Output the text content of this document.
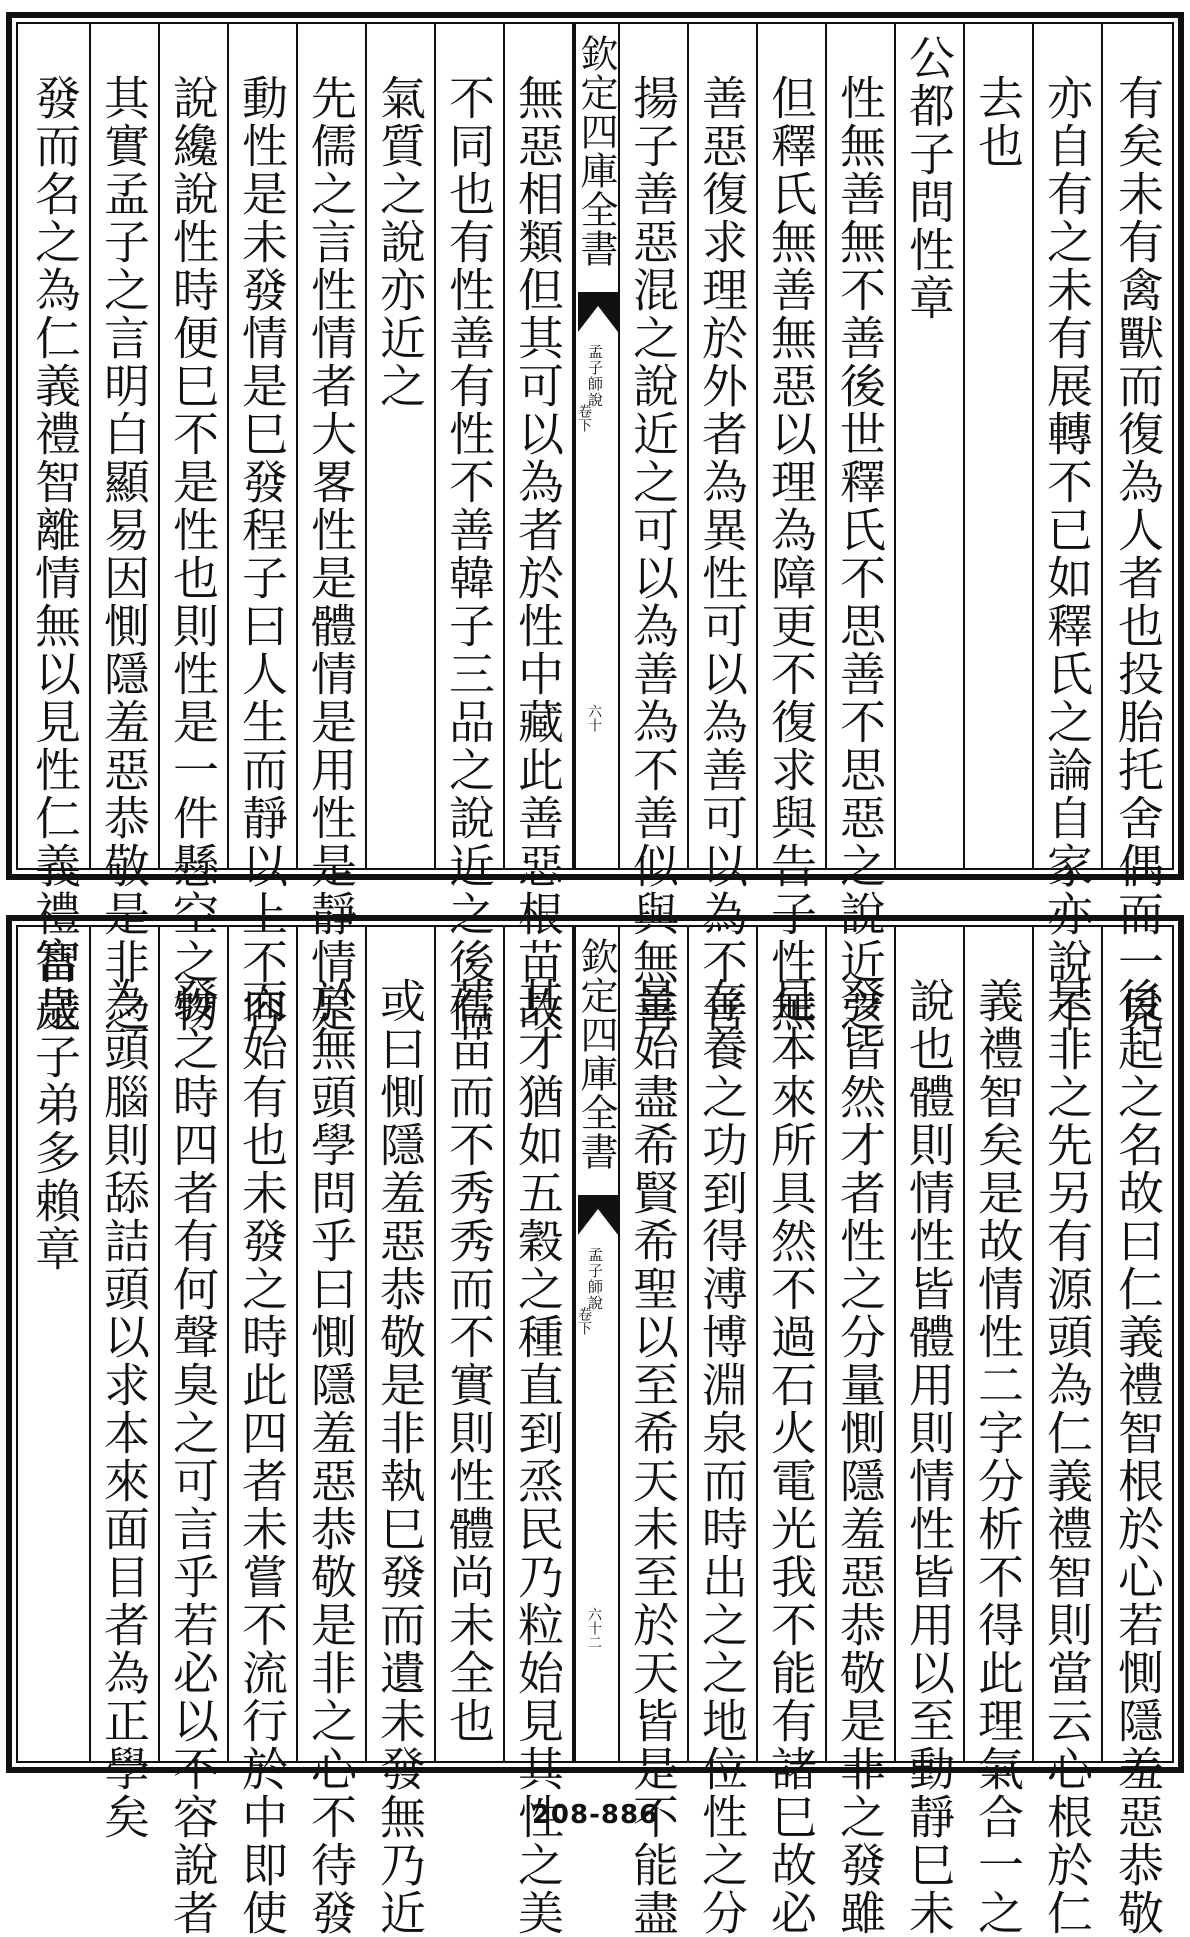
有矣未有禽獸而復為人者也投胎托舍偶而一見
亦自有之未有展轉不已如釋氏之論自家亦說不
去也
公都子問性章
性無善無不善後世釋氏不思善不思惡之說近之
但釋氏無善無惡以理為障更不復求與告子性無
善惡復求理於外者為異性可以為善可以為不善
揚子善惡混之說近之可以為善為不善似與無善
欽定四庫全書
孟子師說
卷下
六十
無惡相類但其可以為者於性中藏此善惡根苗故
不同也有性善有性不善韓子三品之說近之後儒
氣質之說亦近之
先儒之言性情者大畧性是體情是用性是靜情是
動性是未發情是巳發程子曰人生而靜以上不容
說纔說性時便巳不是性也則性是一件懸空之物
其實孟子之言明白顯易因惻隱羞惡恭敬是非之
發而名之為仁義禮智離情無以見性仁義禮智是
後起之名故曰仁義禮智根於心若惻隱羞惡恭敬
是非之先另有源頭為仁義禮智則當云心根於仁
義禮智矣是故情性二字分析不得此理氣合一之
說也體則情性皆體用則情性皆用以至動靜巳未
發皆然才者性之分量惻隱羞惡恭敬是非之發雖
是本來所具然不過石火電光我不能有諸巳故必
存養之功到得溥博淵泉而時出之之地位性之分
量始盡希賢希聖以至希天未至於天皆是不能盡
欽定四庫全書
孟子師說
卷下
六十二
其才猶如五穀之種直到烝民乃粒始見其性之美
若苗而不秀秀而不實則性體尚未全也
或曰惻隱羞惡恭敬是非執巳發而遺未發無乃近
於無頭學問乎曰惻隱羞惡恭敬是非之心不待發
而始有也未發之時此四者未嘗不流行於中即使
發之時四者有何聲臭之可言乎若必以不容說者
為頭腦則舔詰頭以求本來面目者為正學矣
富歲子弟多賴章
208-886
